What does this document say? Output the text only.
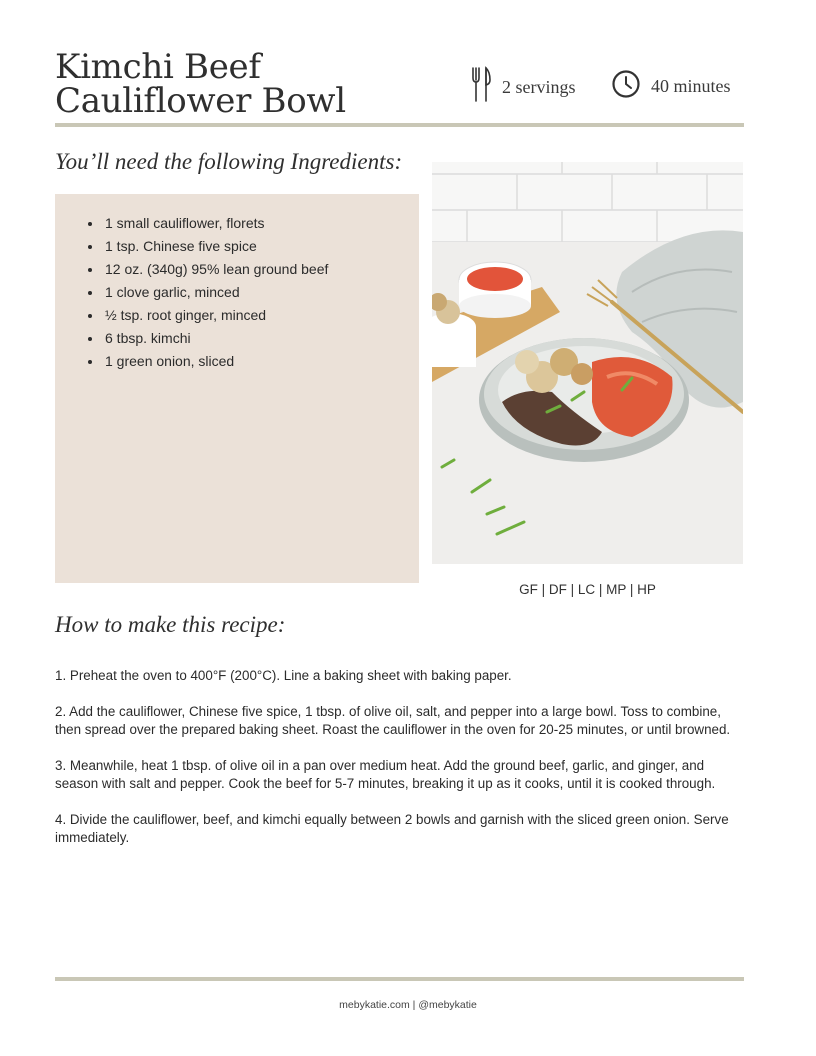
Kimchi Beef
Cauliflower Bowl	2 servings	40 minutes
You’ll need the following Ingredients:
• 1 small cauliflower, florets
• 1 tsp. Chinese five spice
• 12 oz. (340g) 95% lean ground beef
• 1 clove garlic, minced
• ½ tsp. root ginger, minced
• 6 tbsp. kimchi
• 1 green onion, sliced
GF | DF | LC | MP | HP
How to make this recipe:

1. Preheat the oven to 400°F (200°C). Line a baking sheet with baking paper.

2. Add the cauliflower, Chinese five spice, 1 tbsp. of olive oil, salt, and pepper into a large bowl. Toss to combine, then spread over the prepared baking sheet. Roast the cauliflower in the oven for 20-25 minutes, or until browned.

3. Meanwhile, heat 1 tbsp. of olive oil in a pan over medium heat. Add the ground beef, garlic, and ginger, and season with salt and pepper. Cook the beef for 5-7 minutes, breaking it up as it cooks, until it is cooked through.

4. Divide the cauliflower, beef, and kimchi equally between 2 bowls and garnish with the sliced green onion. Serve immediately.

mebykatie.com | @mebykatie
